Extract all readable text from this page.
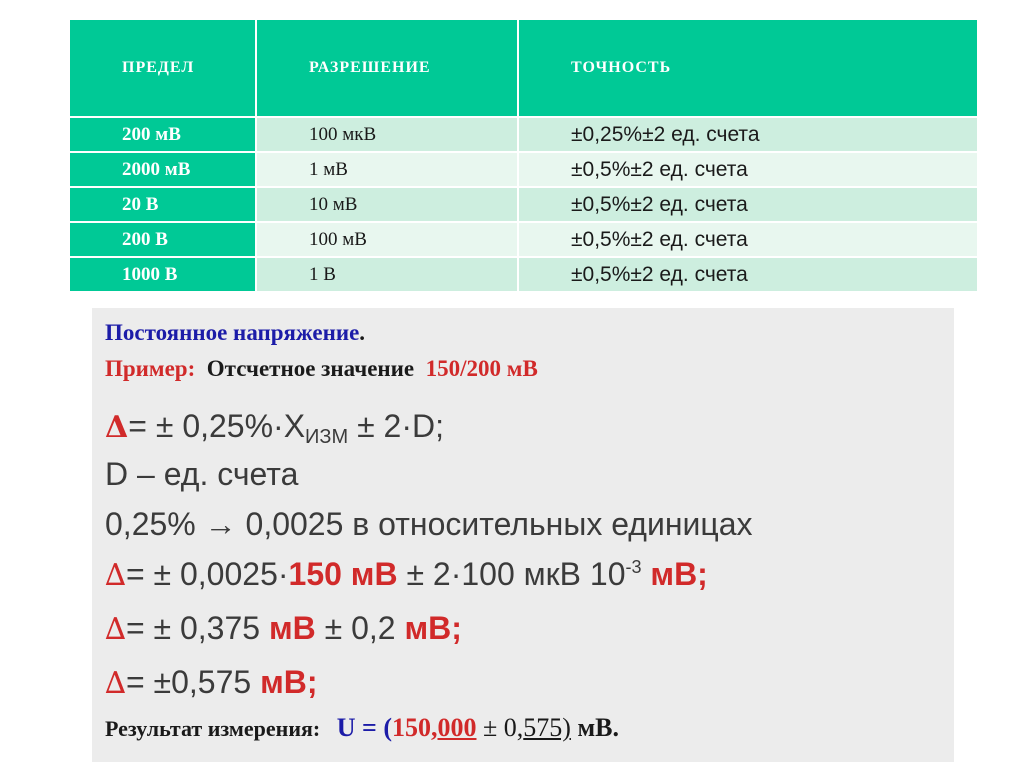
ПРЕДЕЛ	РАЗРЕШЕНИЕ	ТОЧНОСТЬ
200 мВ	100 мкВ	±0,25%±2 ед. счета
2000 мВ	1 мВ	±0,5%±2 ед. счета
20 В	10 мВ	±0,5%±2 ед. счета
200 В	100 мВ	±0,5%±2 ед. счета
1000 В	1 В	±0,5%±2 ед. счета
Постоянное напряжение.
Пример: Отсчетное значение 150/200 мВ
$\Delta= \pm 0,25\%\cdot X_{ИЗМ} \pm 2\cdot D$;
D – ед. счета
0,25% → 0,0025 в относительных единицах
∆= ± 0,0025·150 мВ ± 2·100 мкВ $10^{-3}$ мВ;
∆= ± 0,375 мВ ± 0,2 мВ;
∆= ±0,575 мВ;
Результат измерения: U = (150,000 ± 0,575) мВ.
